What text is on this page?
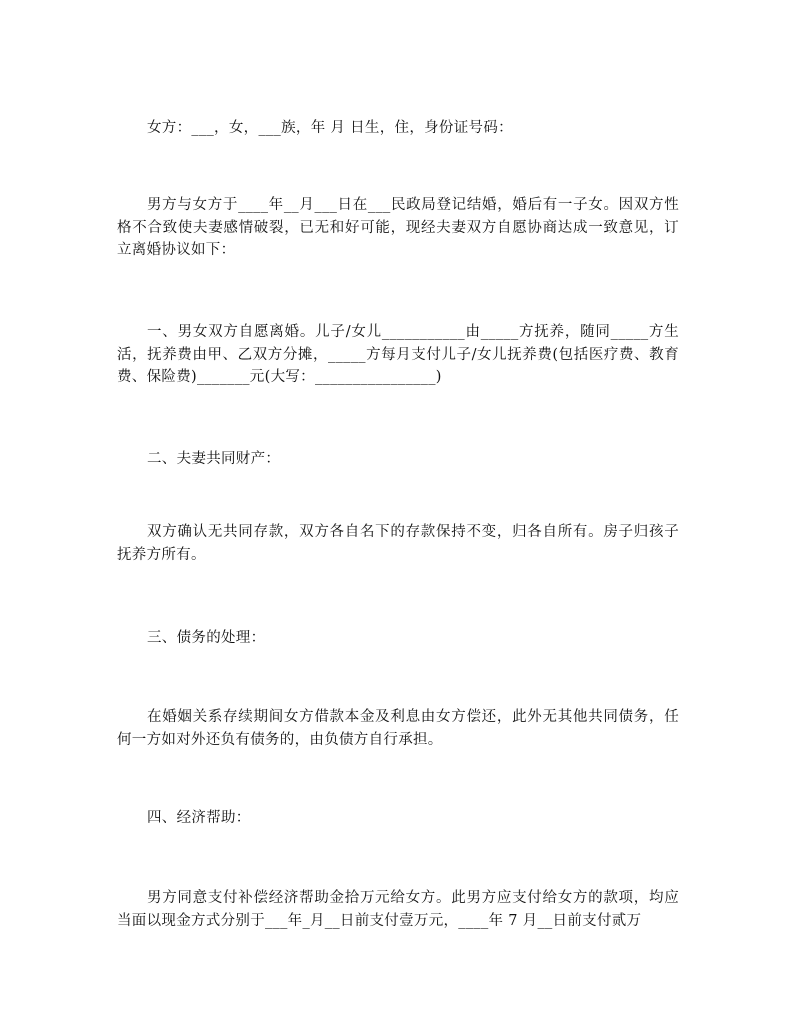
女方：___，女，___族，年 月 日生，住，身份证号码：

男方与女方于____年__月___日在___民政局登记结婚，婚后有一子女。因双方性格不合致使夫妻感情破裂，已无和好可能，现经夫妻双方自愿协商达成一致意见，订立离婚协议如下：

一、男女双方自愿离婚。儿子/女儿___________由_____方抚养，随同_____方生活，抚养费由甲、乙双方分摊，_____方每月支付儿子/女儿抚养费(包括医疗费、教育费、保险费)_______元(大写：________________)

二、夫妻共同财产：

双方确认无共同存款，双方各自名下的存款保持不变，归各自所有。房子归孩子抚养方所有。

三、债务的处理：

在婚姻关系存续期间女方借款本金及利息由女方偿还，此外无其他共同债务，任何一方如对外还负有债务的，由负债方自行承担。

四、经济帮助：

男方同意支付补偿经济帮助金拾万元给女方。此男方应支付给女方的款项，均应当面以现金方式分别于___年_月__日前支付壹万元，____年 7 月__日前支付贰万
